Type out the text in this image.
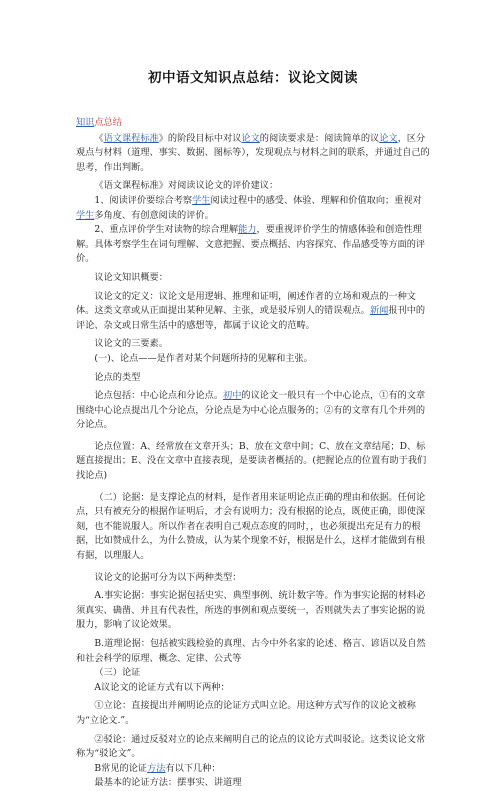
初中语文知识点总结：议论文阅读

知识点总结

《语文课程标准》的阶段目标中对议论文的阅读要求是：阅读简单的议论文，区分观点与材料（道理、事实、数据、图标等），发现观点与材料之间的联系，并通过自己的思考，作出判断。

《语文课程标准》对阅读议论文的评价建议：

1、阅读评价要综合考察学生阅读过程中的感受、体验、理解和价值取向；重视对学生多角度、有创意阅读的评价。

2、重点评价学生对读物的综合理解能力，要重视评价学生的情感体验和创造性理解。具体考察学生在词句理解、文意把握、要点概括、内容探究、作品感受等方面的评价。

议论文知识概要：

议论文的定义：议论文是用逻辑、推理和证明，阐述作者的立场和观点的一种文体。这类文章或从正面提出某种见解、主张，或是驳斥别人的错误观点。新闻报刊中的评论、杂文或日常生活中的感想等，都属于议论文的范畴。

议论文的三要素。

(一)、论点——是作者对某个问题所持的见解和主张。

论点的类型

论点包括：中心论点和分论点。初中的议论文一般只有一个中心论点，①有的文章围绕中心论点提出几个分论点，分论点是为中心论点服务的；②有的文章有几个并列的分论点。

论点位置：A、经常放在文章开头；B、放在文章中间；C、放在文章结尾；D、标题直接提出；E、没在文章中直接表现，是要读者概括的。(把握论点的位置有助于我们找论点)

（二）论据：是支撑论点的材料，是作者用来证明论点正确的理由和依据。任何论点，只有被充分的根据作证明后，才会有说明力；没有根据的论点，既使正确，即使深刻，也不能说服人。所以作者在表明自己观点态度的同时，，也必须提出充足有力的根据，比如赞成什么，为什么赞成，认为某个现象不好，根据是什么，这样才能做到有根有据，以理服人。

议论文的论据可分为以下两种类型：

A.事实论据：事实论据包括史实、典型事例、统计数字等。作为事实论据的材料必须真实、确凿、并且有代表性，所选的事例和观点要统一，否则就失去了事实论据的说服力，影响了议论效果。

B.道理论据：包括被实践检验的真理、古今中外名家的论述、格言、谚语以及自然和社会科学的原理、概念、定律、公式等

（三）论证

A议论文的论证方式有以下两种：

①立论：直接提出并阐明论点的论证方式叫立论。用这种方式写作的议论文被称为“立论文.”。

②驳论：通过反驳对立的论点来阐明自己的论点的议论方式叫驳论。这类议论文常称为“驳论文”。

B常见的论证方法有以下几种：

最基本的论证方法：摆事实、讲道理
